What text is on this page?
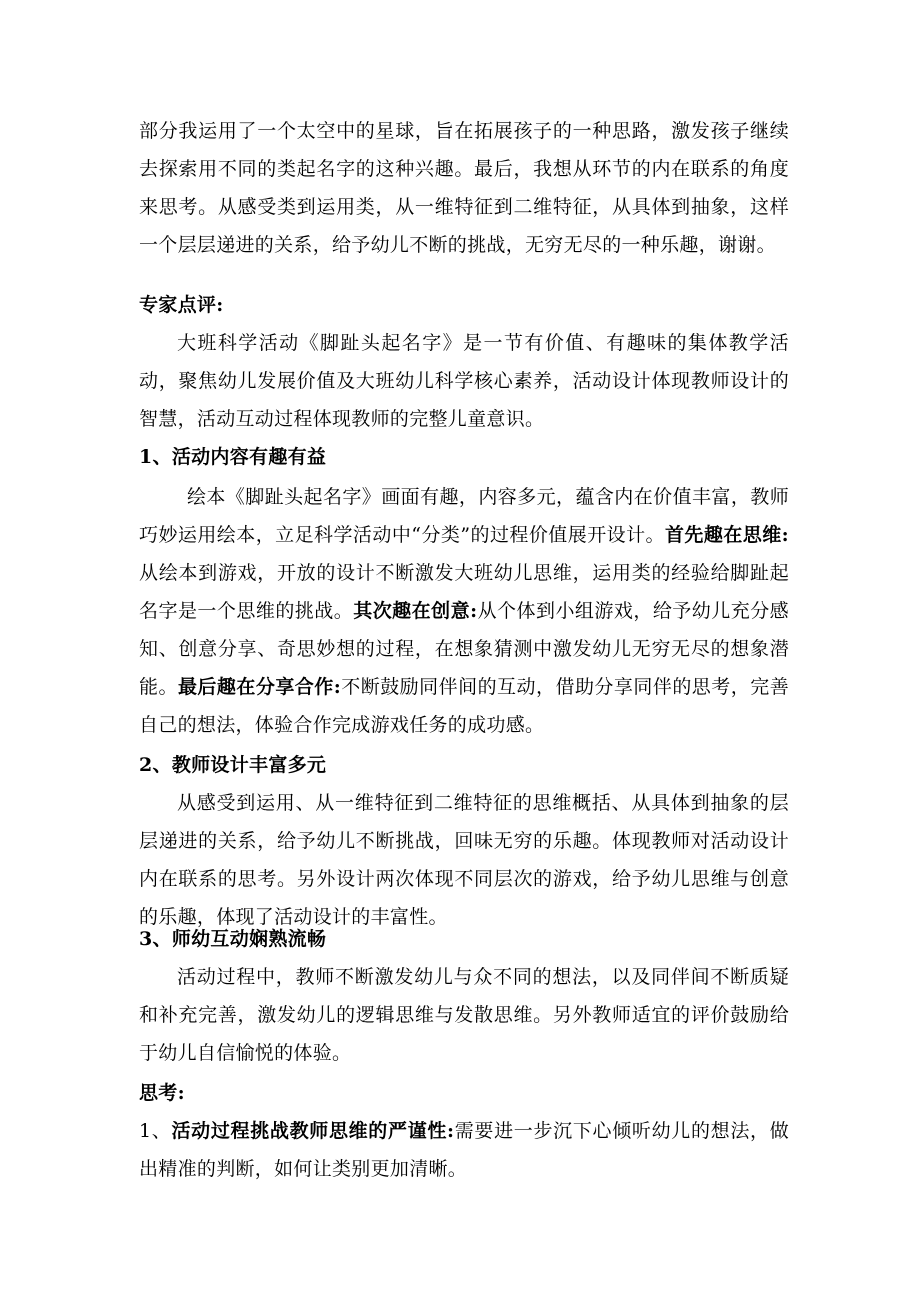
部分我运用了一个太空中的星球，旨在拓展孩子的一种思路，激发孩子继续去探索用不同的类起名字的这种兴趣。最后，我想从环节的内在联系的角度来思考。从感受类到运用类，从一维特征到二维特征，从具体到抽象，这样一个层层递进的关系，给予幼儿不断的挑战，无穷无尽的一种乐趣，谢谢。

专家点评:

大班科学活动《脚趾头起名字》是一节有价值、有趣味的集体教学活动，聚焦幼儿发展价值及大班幼儿科学核心素养，活动设计体现教师设计的智慧，活动互动过程体现教师的完整儿童意识。

1、活动内容有趣有益

绘本《脚趾头起名字》画面有趣，内容多元，蕴含内在价值丰富，教师巧妙运用绘本，立足科学活动中“分类”的过程价值展开设计。首先趣在思维:从绘本到游戏，开放的设计不断激发大班幼儿思维，运用类的经验给脚趾起名字是一个思维的挑战。其次趣在创意:从个体到小组游戏，给予幼儿充分感知、创意分享、奇思妙想的过程，在想象猜测中激发幼儿无穷无尽的想象潜能。最后趣在分享合作:不断鼓励同伴间的互动，借助分享同伴的思考，完善自己的想法，体验合作完成游戏任务的成功感。

2、教师设计丰富多元

从感受到运用、从一维特征到二维特征的思维概括、从具体到抽象的层层递进的关系，给予幼儿不断挑战，回味无穷的乐趣。体现教师对活动设计内在联系的思考。另外设计两次体现不同层次的游戏，给予幼儿思维与创意的乐趣，体现了活动设计的丰富性。

3、师幼互动娴熟流畅

活动过程中，教师不断激发幼儿与众不同的想法，以及同伴间不断质疑和补充完善，激发幼儿的逻辑思维与发散思维。另外教师适宜的评价鼓励给于幼儿自信愉悦的体验。

思考:

1、活动过程挑战教师思维的严谨性:需要进一步沉下心倾听幼儿的想法，做出精准的判断，如何让类别更加清晰。
